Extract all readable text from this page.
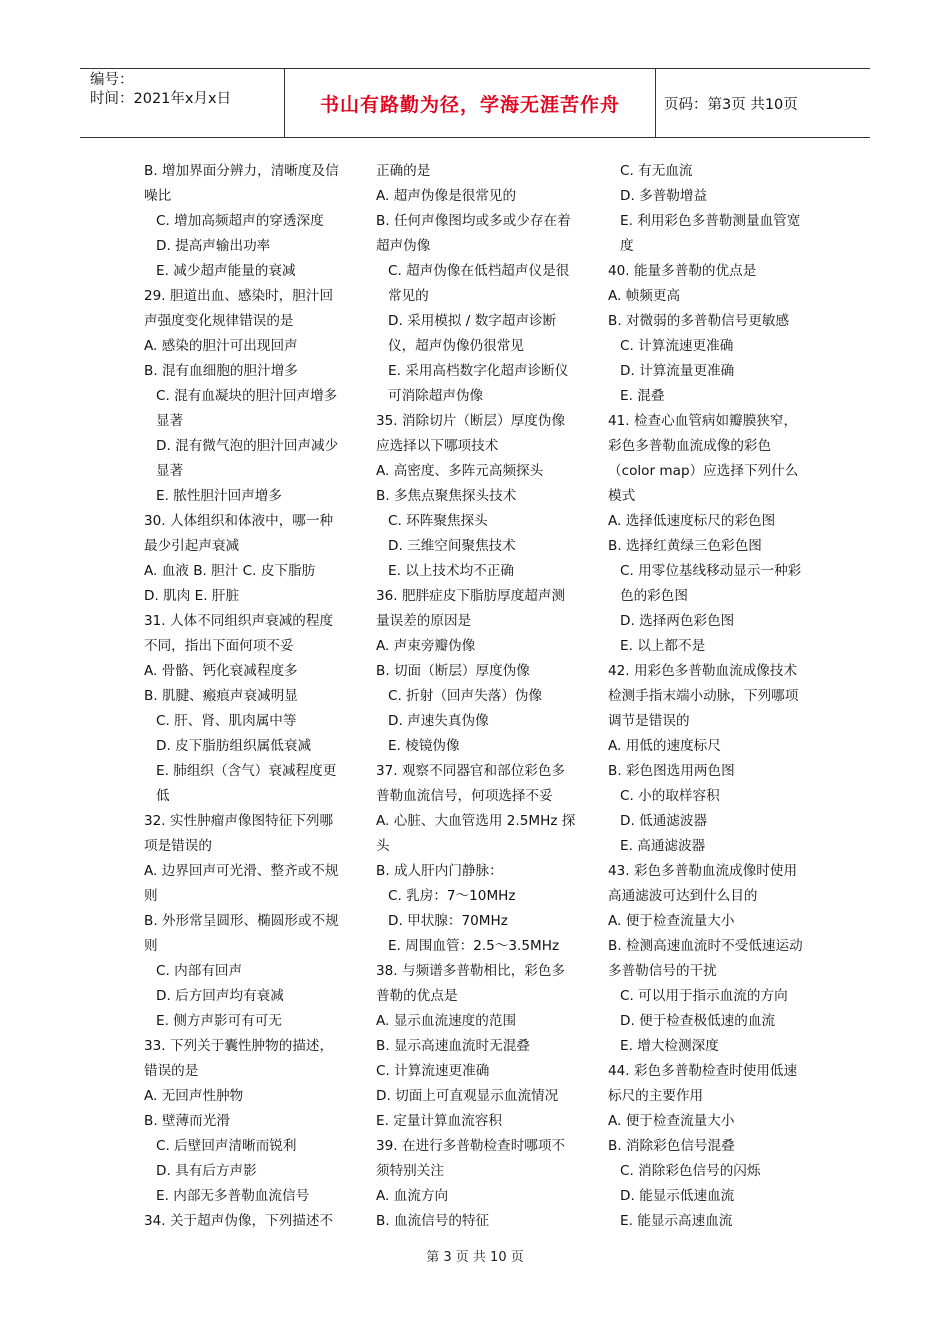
编号：
时间：2021年x月x日	书山有路勤为径，学海无涯苦作舟	页码：第3页 共10页

B. 增加界面分辨力，清晰度及信噪比

C. 增加高频超声的穿透深度

D. 提高声输出功率

E. 减少超声能量的衰减

29. 胆道出血、感染时，胆汁回声强度变化规律错误的是

A. 感染的胆汁可出现回声

B. 混有血细胞的胆汁增多

C. 混有血凝块的胆汁回声增多显著

D. 混有微气泡的胆汁回声减少显著

E. 脓性胆汁回声增多

30. 人体组织和体液中，哪一种最少引起声衰减

A. 血液 B. 胆汁 C. 皮下脂肪

D. 肌肉 E. 肝脏

31. 人体不同组织声衰减的程度不同，指出下面何项不妥

A. 骨骼、钙化衰减程度多

B. 肌腱、瘢痕声衰减明显

C. 肝、肾、肌肉属中等

D. 皮下脂肪组织属低衰减

E. 肺组织（含气）衰减程度更低

32. 实性肿瘤声像图特征下列哪项是错误的

A. 边界回声可光滑、整齐或不规则

B. 外形常呈圆形、椭圆形或不规则

C. 内部有回声

D. 后方回声均有衰减

E. 侧方声影可有可无

33. 下列关于囊性肿物的描述，错误的是

A. 无回声性肿物

B. 壁薄而光滑

C. 后壁回声清晰而锐利

D. 具有后方声影

E. 内部无多普勒血流信号

34. 关于超声伪像，下列描述不

正确的是

A. 超声伪像是很常见的

B. 任何声像图均或多或少存在着超声伪像

C. 超声伪像在低档超声仪是很常见的

D. 采用模拟 / 数字超声诊断仪，超声伪像仍很常见

E. 采用高档数字化超声诊断仪可消除超声伪像

35. 消除切片（断层）厚度伪像应选择以下哪项技术

A. 高密度、多阵元高频探头

B. 多焦点聚焦探头技术

C. 环阵聚焦探头

D. 三维空间聚焦技术

E. 以上技术均不正确

36. 肥胖症皮下脂肪厚度超声测量误差的原因是

A. 声束旁瓣伪像

B. 切面（断层）厚度伪像

C. 折射（回声失落）伪像

D. 声速失真伪像

E. 棱镜伪像

37. 观察不同器官和部位彩色多普勒血流信号，何项选择不妥

A. 心脏、大血管选用 2.5MHz 探头

B. 成人肝内门静脉：

C. 乳房：7～10MHz

D. 甲状腺：70MHz

E. 周围血管：2.5～3.5MHz

38. 与频谱多普勒相比，彩色多普勒的优点是

A. 显示血流速度的范围

B. 显示高速血流时无混叠

C. 计算流速更准确

D. 切面上可直观显示血流情况

E. 定量计算血流容积

39. 在进行多普勒检查时哪项不须特别关注

A. 血流方向

B. 血流信号的特征

C. 有无血流

D. 多普勒增益

E. 利用彩色多普勒测量血管宽度

40. 能量多普勒的优点是

A. 帧频更高

B. 对微弱的多普勒信号更敏感

C. 计算流速更准确

D. 计算流量更准确

E. 混叠

41. 检查心血管病如瓣膜狭窄，彩色多普勒血流成像的彩色（color map）应选择下列什么模式

A. 选择低速度标尺的彩色图

B. 选择红黄绿三色彩色图

C. 用零位基线移动显示一种彩色的彩色图

D. 选择两色彩色图

E. 以上都不是

42. 用彩色多普勒血流成像技术检测手指末端小动脉，下列哪项调节是错误的

A. 用低的速度标尺

B. 彩色图选用两色图

C. 小的取样容积

D. 低通滤波器

E. 高通滤波器

43. 彩色多普勒血流成像时使用高通滤波可达到什么目的

A. 便于检查流量大小

B. 检测高速血流时不受低速运动多普勒信号的干扰

C. 可以用于指示血流的方向

D. 便于检查极低速的血流

E. 增大检测深度

44. 彩色多普勒检查时使用低速标尺的主要作用

A. 便于检查流量大小

B. 消除彩色信号混叠

C. 消除彩色信号的闪烁

D. 能显示低速血流

E. 能显示高速血流

第 3 页 共 10 页
